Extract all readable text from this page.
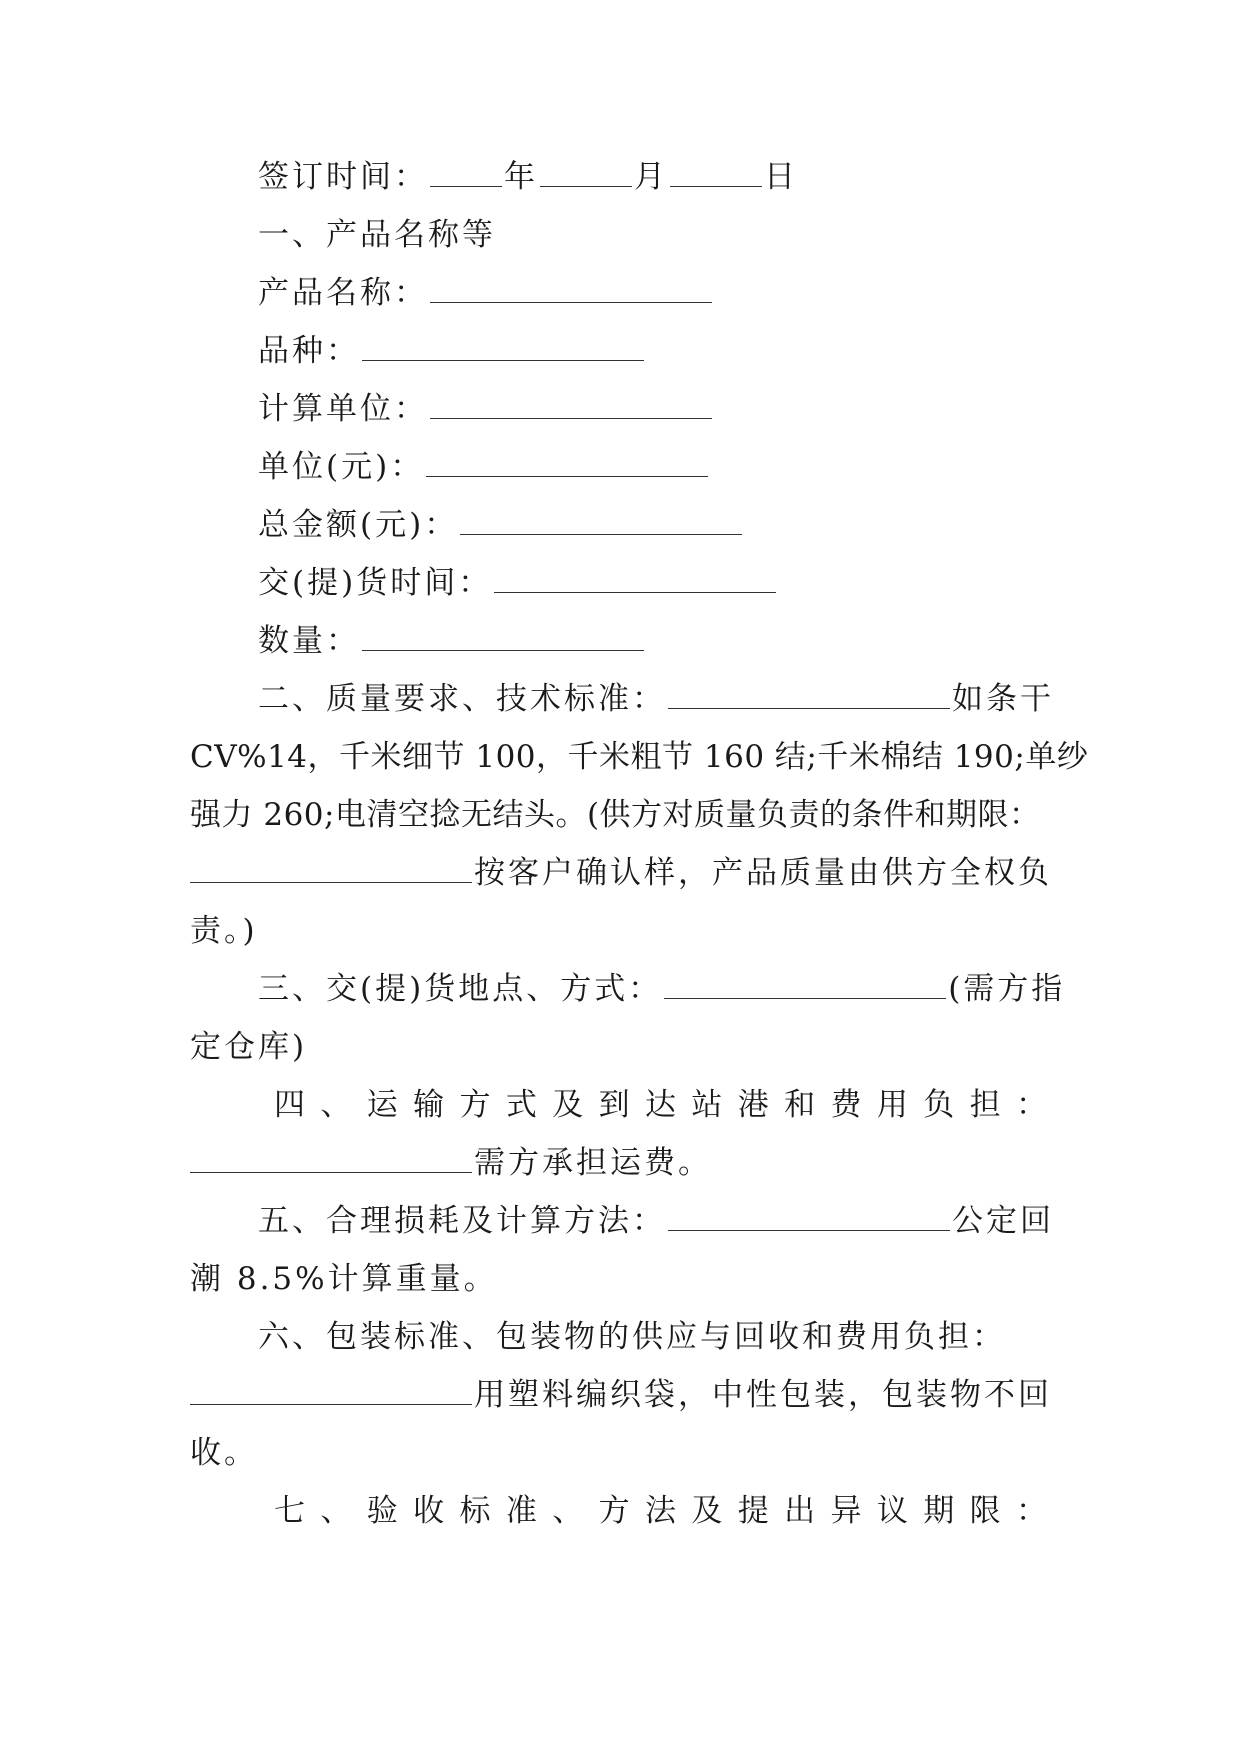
签订时间： 年	月	日
一、产品名称等
产品名称：
品种：
计算单位：
单位(元)：
总金额(元)：
交(提)货时间：
数量：
二、质量要求、技术标准：	如条干
CV%14，千米细节 100，千米粗节 160 结;千米棉结 190;单纱
强力 260;电清空捻无结头。(供方对质量负责的条件和期限：
按客户确认样，产品质量由供方全权负
责。)
三、交(提)货地点、方式：	(需方指
定仓库)
四 、 运 输 方 式 及 到 达 站 港 和 费 用 负 担 ：
需方承担运费。
五、合理损耗及计算方法：	公定回
潮 8.5%计算重量。
六、包装标准、包装物的供应与回收和费用负担：
用塑料编织袋，中性包装，包装物不回
收。
七 、 验 收 标 准 、 方 法 及 提 出 异 议 期 限 ：
